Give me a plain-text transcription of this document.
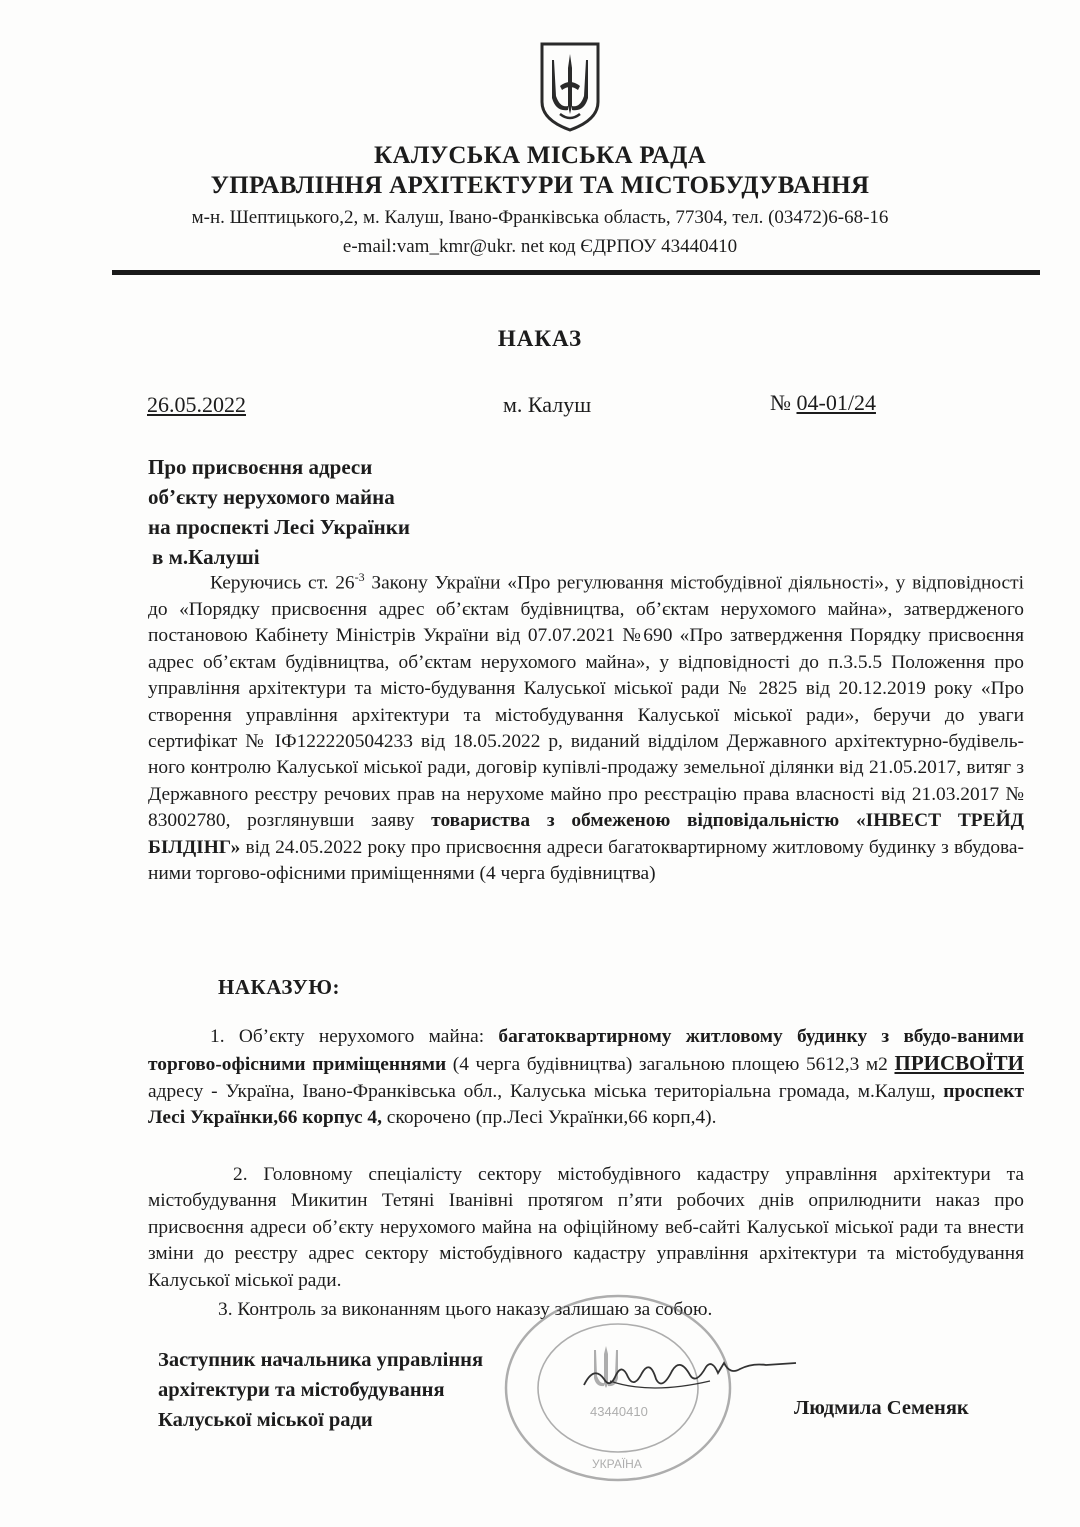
КАЛУСЬКА МІСЬКА РАДА
УПРАВЛІННЯ АРХІТЕКТУРИ ТА МІСТОБУДУВАННЯ
м-н. Шептицького,2, м. Калуш, Івано-Франківська область, 77304, тел. (03472)6-68-16
e-mail:vam_kmr@ukr. net код ЄДРПОУ 43440410
НАКАЗ
26.05.2022	м. Калуш	№ 04-01/24
Про присвоєння адреси
об’єкту нерухомого майна
на проспекті Лесі Українки
в м.Калуші
Керуючись ст. $26^{-3}$ Закону України «Про регулювання містобудівної діяльності», у відповідності до «Порядку присвоєння адрес об’єктам будівництва, об’єктам нерухомого майна», затвердженого постановою Кабінету Міністрів України від 07.07.2021 №690 «Про затвердження Порядку присвоєння адрес об’єктам будівництва, об’єктам нерухомого майна», у відповідності до п.3.5.5 Положення про управління архітектури та місто-будування Калуської міської ради № 2825 від 20.12.2019 року «Про створення управління архітектури та містобудування Калуської міської ради», беручи до уваги сертифікат № ІФ122220504233 від 18.05.2022 р, виданий відділом Державного архітектурно-будівель-ного контролю Калуської міської ради, договір купівлі-продажу земельної ділянки від 21.05.2017, витяг з Державного реєстру речових прав на нерухоме майно про реєстрацію права власності від 21.03.2017 № 83002780, розглянувши заяву товариства з обмеженою відповідальністю «ІНВЕСТ ТРЕЙД БІЛДІНГ» від 24.05.2022 року про присвоєння адреси багатоквартирному житловому будинку з вбудова-ними торгово-офісними приміщеннями (4 черга будівництва)
НАКАЗУЮ:
1. Об’єкту нерухомого майна: багатоквартирному житловому будинку з вбудо-ваними торгово-офісними приміщеннями (4 черга будівництва) загальною площею 5612,3 м2 ПРИСВОЇТИ адресу - Україна, Івано-Франківська обл., Калуська міська територіальна громада, м.Калуш, проспект Лесі Українки,66 корпус 4, скорочено (пр.Лесі Українки,66 корп,4).
2. Головному спеціалісту сектору містобудівного кадастру управління архітектури та містобудування Микитин Тетяні Іванівні протягом п’яти робочих днів оприлюднити наказ про присвоєння адреси об’єкту нерухомого майна на офіційному веб-сайті Калуської міської ради та внести зміни до реєстру адрес сектору містобудівного кадастру управління архітектури та містобудування Калуської міської ради.
3. Контроль за виконанням цього наказу залишаю за собою.
43440410
УКРАЇНА
Заступник начальника управління
архітектури та містобудування
Калуської міської ради
Людмила Семеняк
